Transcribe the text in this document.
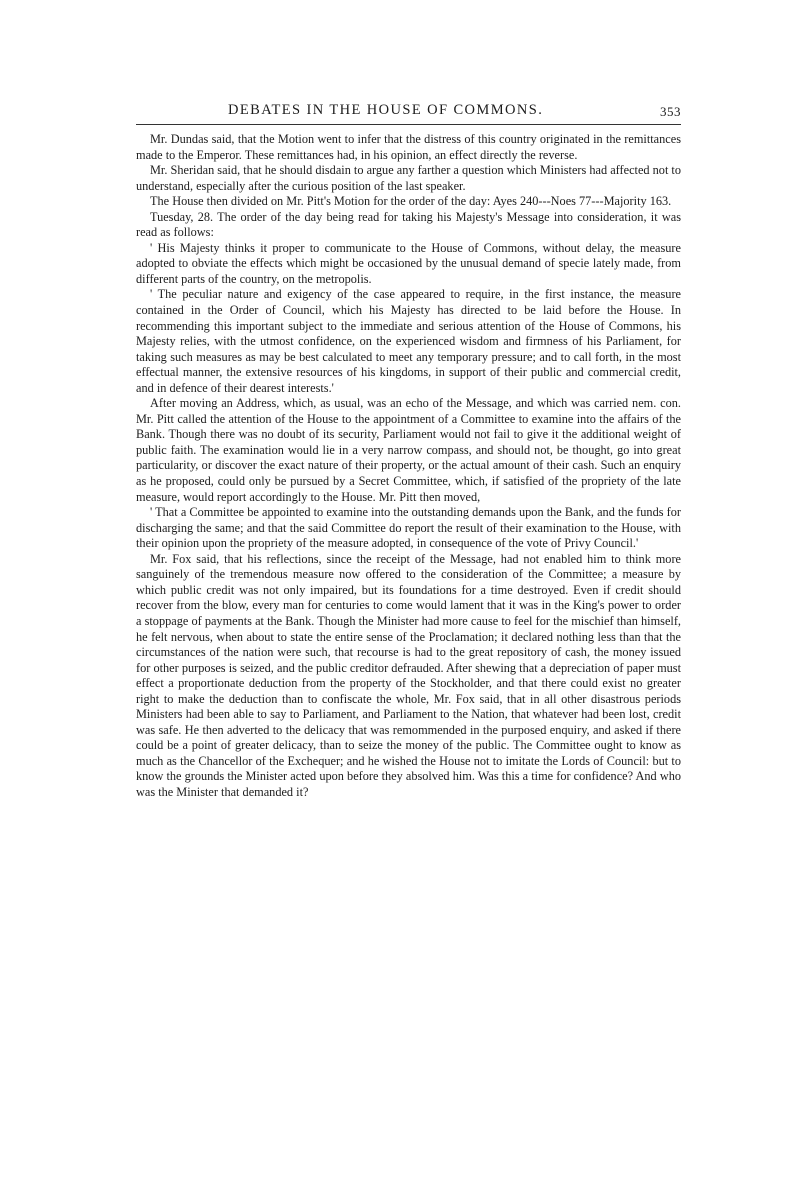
DEBATES IN THE HOUSE OF COMMONS.	353

Mr. Dundas said, that the Motion went to infer that the distress of this country originated in the remittances made to the Emperor. These remittances had, in his opinion, an effect directly the reverse.

Mr. Sheridan said, that he should disdain to argue any farther a question which Ministers had affected not to understand, especially after the curious position of the last speaker.

The House then divided on Mr. Pitt's Motion for the order of the day: Ayes 240---Noes 77---Majority 163.

Tuesday, 28. The order of the day being read for taking his Majesty's Message into consideration, it was read as follows:

' His Majesty thinks it proper to communicate to the House of Commons, without delay, the measure adopted to obviate the effects which might be occasioned by the unusual demand of specie lately made, from different parts of the country, on the metropolis.

' The peculiar nature and exigency of the case appeared to require, in the first instance, the measure contained in the Order of Council, which his Majesty has directed to be laid before the House. In recommending this important subject to the immediate and serious attention of the House of Commons, his Majesty relies, with the utmost confidence, on the experienced wisdom and firmness of his Parliament, for taking such measures as may be best calculated to meet any temporary pressure; and to call forth, in the most effectual manner, the extensive resources of his kingdoms, in support of their public and commercial credit, and in defence of their dearest interests.'

After moving an Address, which, as usual, was an echo of the Message, and which was carried nem. con. Mr. Pitt called the attention of the House to the appointment of a Committee to examine into the affairs of the Bank. Though there was no doubt of its security, Parliament would not fail to give it the additional weight of public faith. The examination would lie in a very narrow compass, and should not, be thought, go into great particularity, or discover the exact nature of their property, or the actual amount of their cash. Such an enquiry as he proposed, could only be pursued by a Secret Committee, which, if satisfied of the propriety of the late measure, would report accordingly to the House. Mr. Pitt then moved,

' That a Committee be appointed to examine into the outstanding demands upon the Bank, and the funds for discharging the same; and that the said Committee do report the result of their examination to the House, with their opinion upon the propriety of the measure adopted, in consequence of the vote of Privy Council.'

Mr. Fox said, that his reflections, since the receipt of the Message, had not enabled him to think more sanguinely of the tremendous measure now offered to the consideration of the Committee; a measure by which public credit was not only impaired, but its foundations for a time destroyed. Even if credit should recover from the blow, every man for centuries to come would lament that it was in the King's power to order a stoppage of payments at the Bank. Though the Minister had more cause to feel for the mischief than himself, he felt nervous, when about to state the entire sense of the Proclamation; it declared nothing less than that the circumstances of the nation were such, that recourse is had to the great repository of cash, the money issued for other purposes is seized, and the public creditor defrauded. After shewing that a depreciation of paper must effect a proportionate deduction from the property of the Stockholder, and that there could exist no greater right to make the deduction than to confiscate the whole, Mr. Fox said, that in all other disastrous periods Ministers had been able to say to Parliament, and Parliament to the Nation, that whatever had been lost, credit was safe. He then adverted to the delicacy that was remommended in the purposed enquiry, and asked if there could be a point of greater delicacy, than to seize the money of the public. The Committee ought to know as much as the Chancellor of the Exchequer; and he wished the House not to imitate the Lords of Council: but to know the grounds the Minister acted upon before they absolved him. Was this a time for confidence? And who was the Minister that demanded it?
